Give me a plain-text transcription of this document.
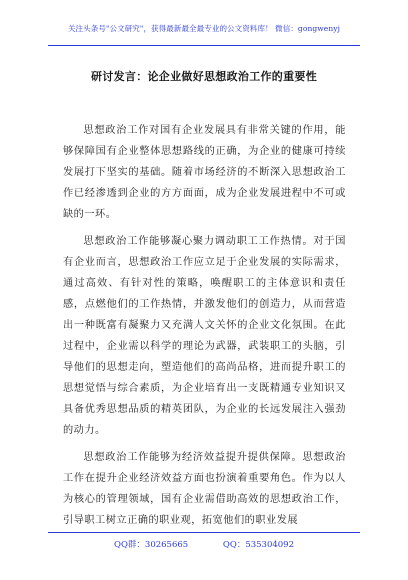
关注头条号"公文研究"，获得最新最全最专业的公文资料库！ 微信：gongwenyj
研讨发言：论企业做好思想政治工作的重要性

思想政治工作对国有企业发展具有非常关键的作用，能够保障国有企业整体思想路线的正确，为企业的健康可持续发展打下坚实的基础。随着市场经济的不断深入思想政治工作已经渗透到企业的方方面面，成为企业发展进程中不可或缺的一环。

思想政治工作能够凝心聚力调动职工工作热情。对于国有企业而言，思想政治工作应立足于企业发展的实际需求，通过高效、有针对性的策略，唤醒职工的主体意识和责任感，点燃他们的工作热情，并激发他们的创造力，从而营造出一种既富有凝聚力又充满人文关怀的企业文化氛围。在此过程中，企业需以科学的理论为武器，武装职工的头脑，引导他们的思想走向，塑造他们的高尚品格，进而提升职工的思想觉悟与综合素质，为企业培育出一支既精通专业知识又具备优秀思想品质的精英团队，为企业的长远发展注入强劲的动力。

思想政治工作能够为经济效益提升提供保障。思想政治工作在提升企业经济效益方面也扮演着重要角色。作为以人为核心的管理领域，国有企业需借助高效的思想政治工作，引导职工树立正确的职业观，拓宽他们的职业发展

QQ群：30265665	QQ：535304092
